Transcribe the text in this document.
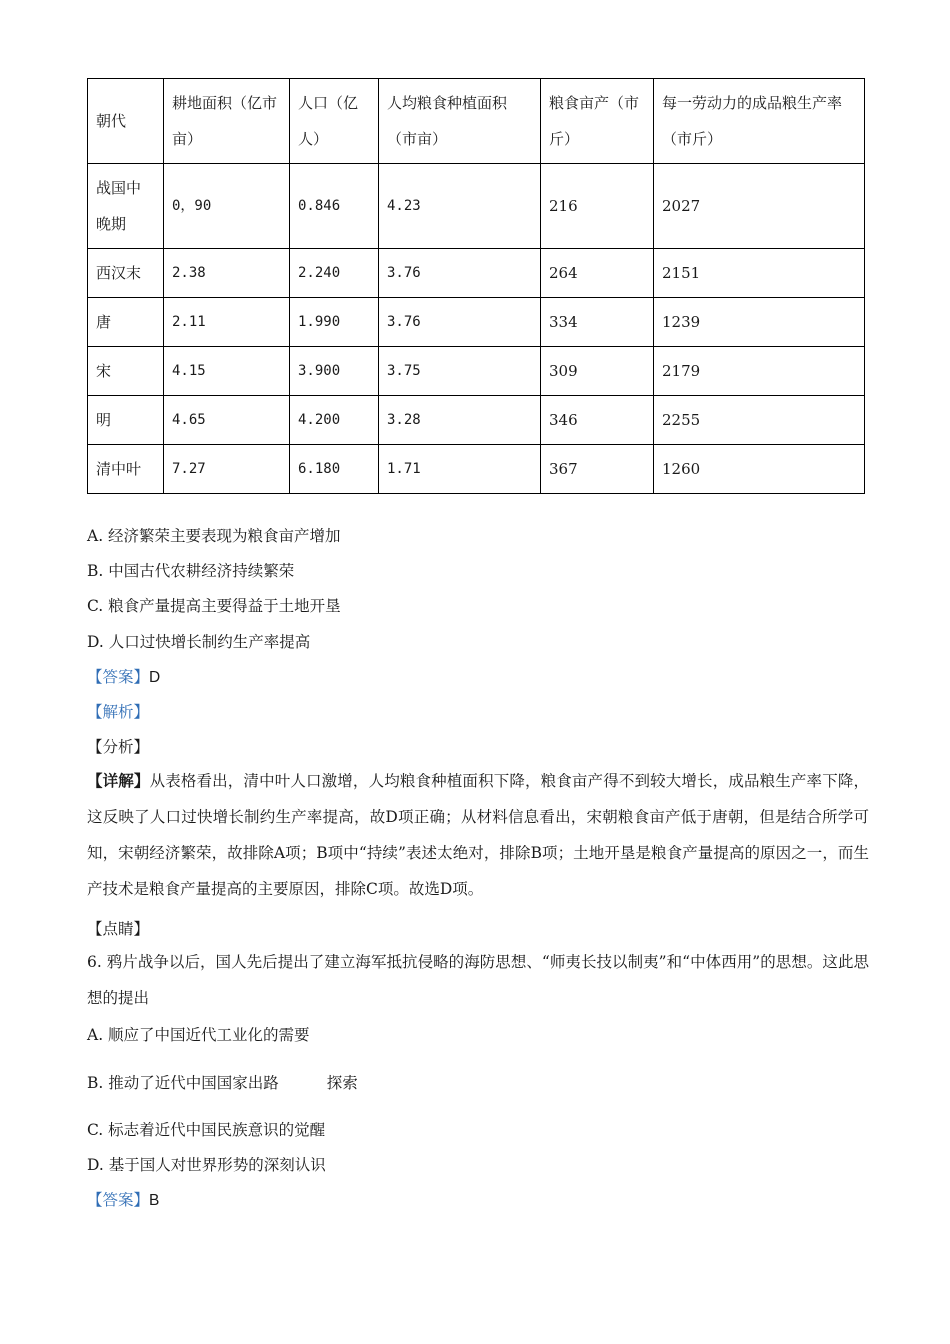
朝代	耕地面积（亿市亩）	人口（亿人）	人均粮食种植面积（市亩）	粮食亩产（市斤）	每一劳动力的成品粮生产率（市斤）
战国中晚期	0，90	0.846	4.23	216	2027
西汉末	2.38	2.240	3.76	264	2151
唐	2.11	1.990	3.76	334	1239
宋	4.15	3.900	3.75	309	2179
明	4.65	4.200	3.28	346	2255
清中叶	7.27	6.180	1.71	367	1260
A. 经济繁荣主要表现为粮食亩产增加
B. 中国古代农耕经济持续繁荣
C. 粮食产量提高主要得益于土地开垦
D. 人口过快增长制约生产率提高
【答案】D
【解析】
【分析】
【详解】从表格看出，清中叶人口激增，人均粮食种植面积下降，粮食亩产得不到较大增长，成品粮生产率下降，这反映了人口过快增长制约生产率提高，故D项正确；从材料信息看出，宋朝粮食亩产低于唐朝，但是结合所学可知，宋朝经济繁荣，故排除A项；B项中“持续”表述太绝对，排除B项；土地开垦是粮食产量提高的原因之一，而生产技术是粮食产量提高的主要原因，排除C项。故选D项。
【点睛】
6. 鸦片战争以后，国人先后提出了建立海军抵抗侵略的海防思想、“师夷长技以制夷”和“中体西用”的思想。这此思想的提出
A. 顺应了中国近代工业化的需要
B. 推动了近代中国国家出路	探索
C. 标志着近代中国民族意识的觉醒
D. 基于国人对世界形势的深刻认识
【答案】B
